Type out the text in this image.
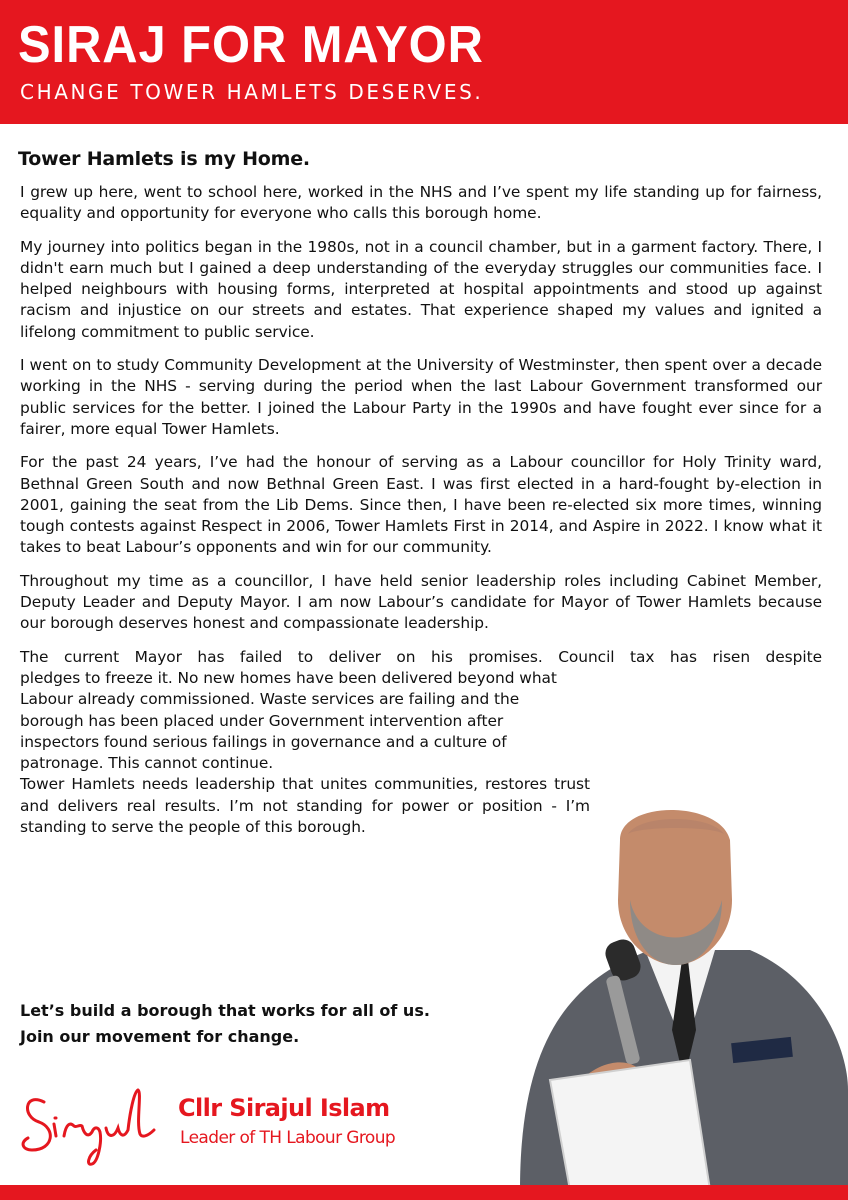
SIRAJ FOR MAYOR
CHANGE TOWER HAMLETS DESERVES.
Tower Hamlets is my Home.

I grew up here, went to school here, worked in the NHS and I’ve spent my life standing up for fairness, equality and opportunity for everyone who calls this borough home.

My journey into politics began in the 1980s, not in a council chamber, but in a garment factory. There, I didn't earn much but I gained a deep understanding of the everyday struggles our communities face. I helped neighbours with housing forms, interpreted at hospital appointments and stood up against racism and injustice on our streets and estates. That experience shaped my values and ignited a lifelong commitment to public service.

I went on to study Community Development at the University of Westminster, then spent over a decade working in the NHS - serving during the period when the last Labour Government transformed our public services for the better. I joined the Labour Party in the 1990s and have fought ever since for a fairer, more equal Tower Hamlets.

For the past 24 years, I’ve had the honour of serving as a Labour councillor for Holy Trinity ward, Bethnal Green South and now Bethnal Green East. I was first elected in a hard-fought by-election in 2001, gaining the seat from the Lib Dems. Since then, I have been re-elected six more times, winning tough contests against Respect in 2006, Tower Hamlets First in 2014, and Aspire in 2022. I know what it takes to beat Labour’s opponents and win for our community.

Throughout my time as a councillor, I have held senior leadership roles including Cabinet Member, Deputy Leader and Deputy Mayor. I am now Labour’s candidate for Mayor of Tower Hamlets because our borough deserves honest and compassionate leadership.

The current Mayor has failed to deliver on his promises. Council tax has risen despite
pledges to freeze it. No new homes have been delivered beyond what Labour already commissioned. Waste services are failing and the borough has been placed under Government intervention after inspectors found serious failings in governance and a culture of patronage. This cannot continue.

Tower Hamlets needs leadership that unites communities, restores trust and delivers real results. I’m not standing for power or position - I’m standing to serve the people of this borough.

Let’s build a borough that works for all of us.
Join our movement for change.
Cllr Sirajul Islam
Leader of TH Labour Group
